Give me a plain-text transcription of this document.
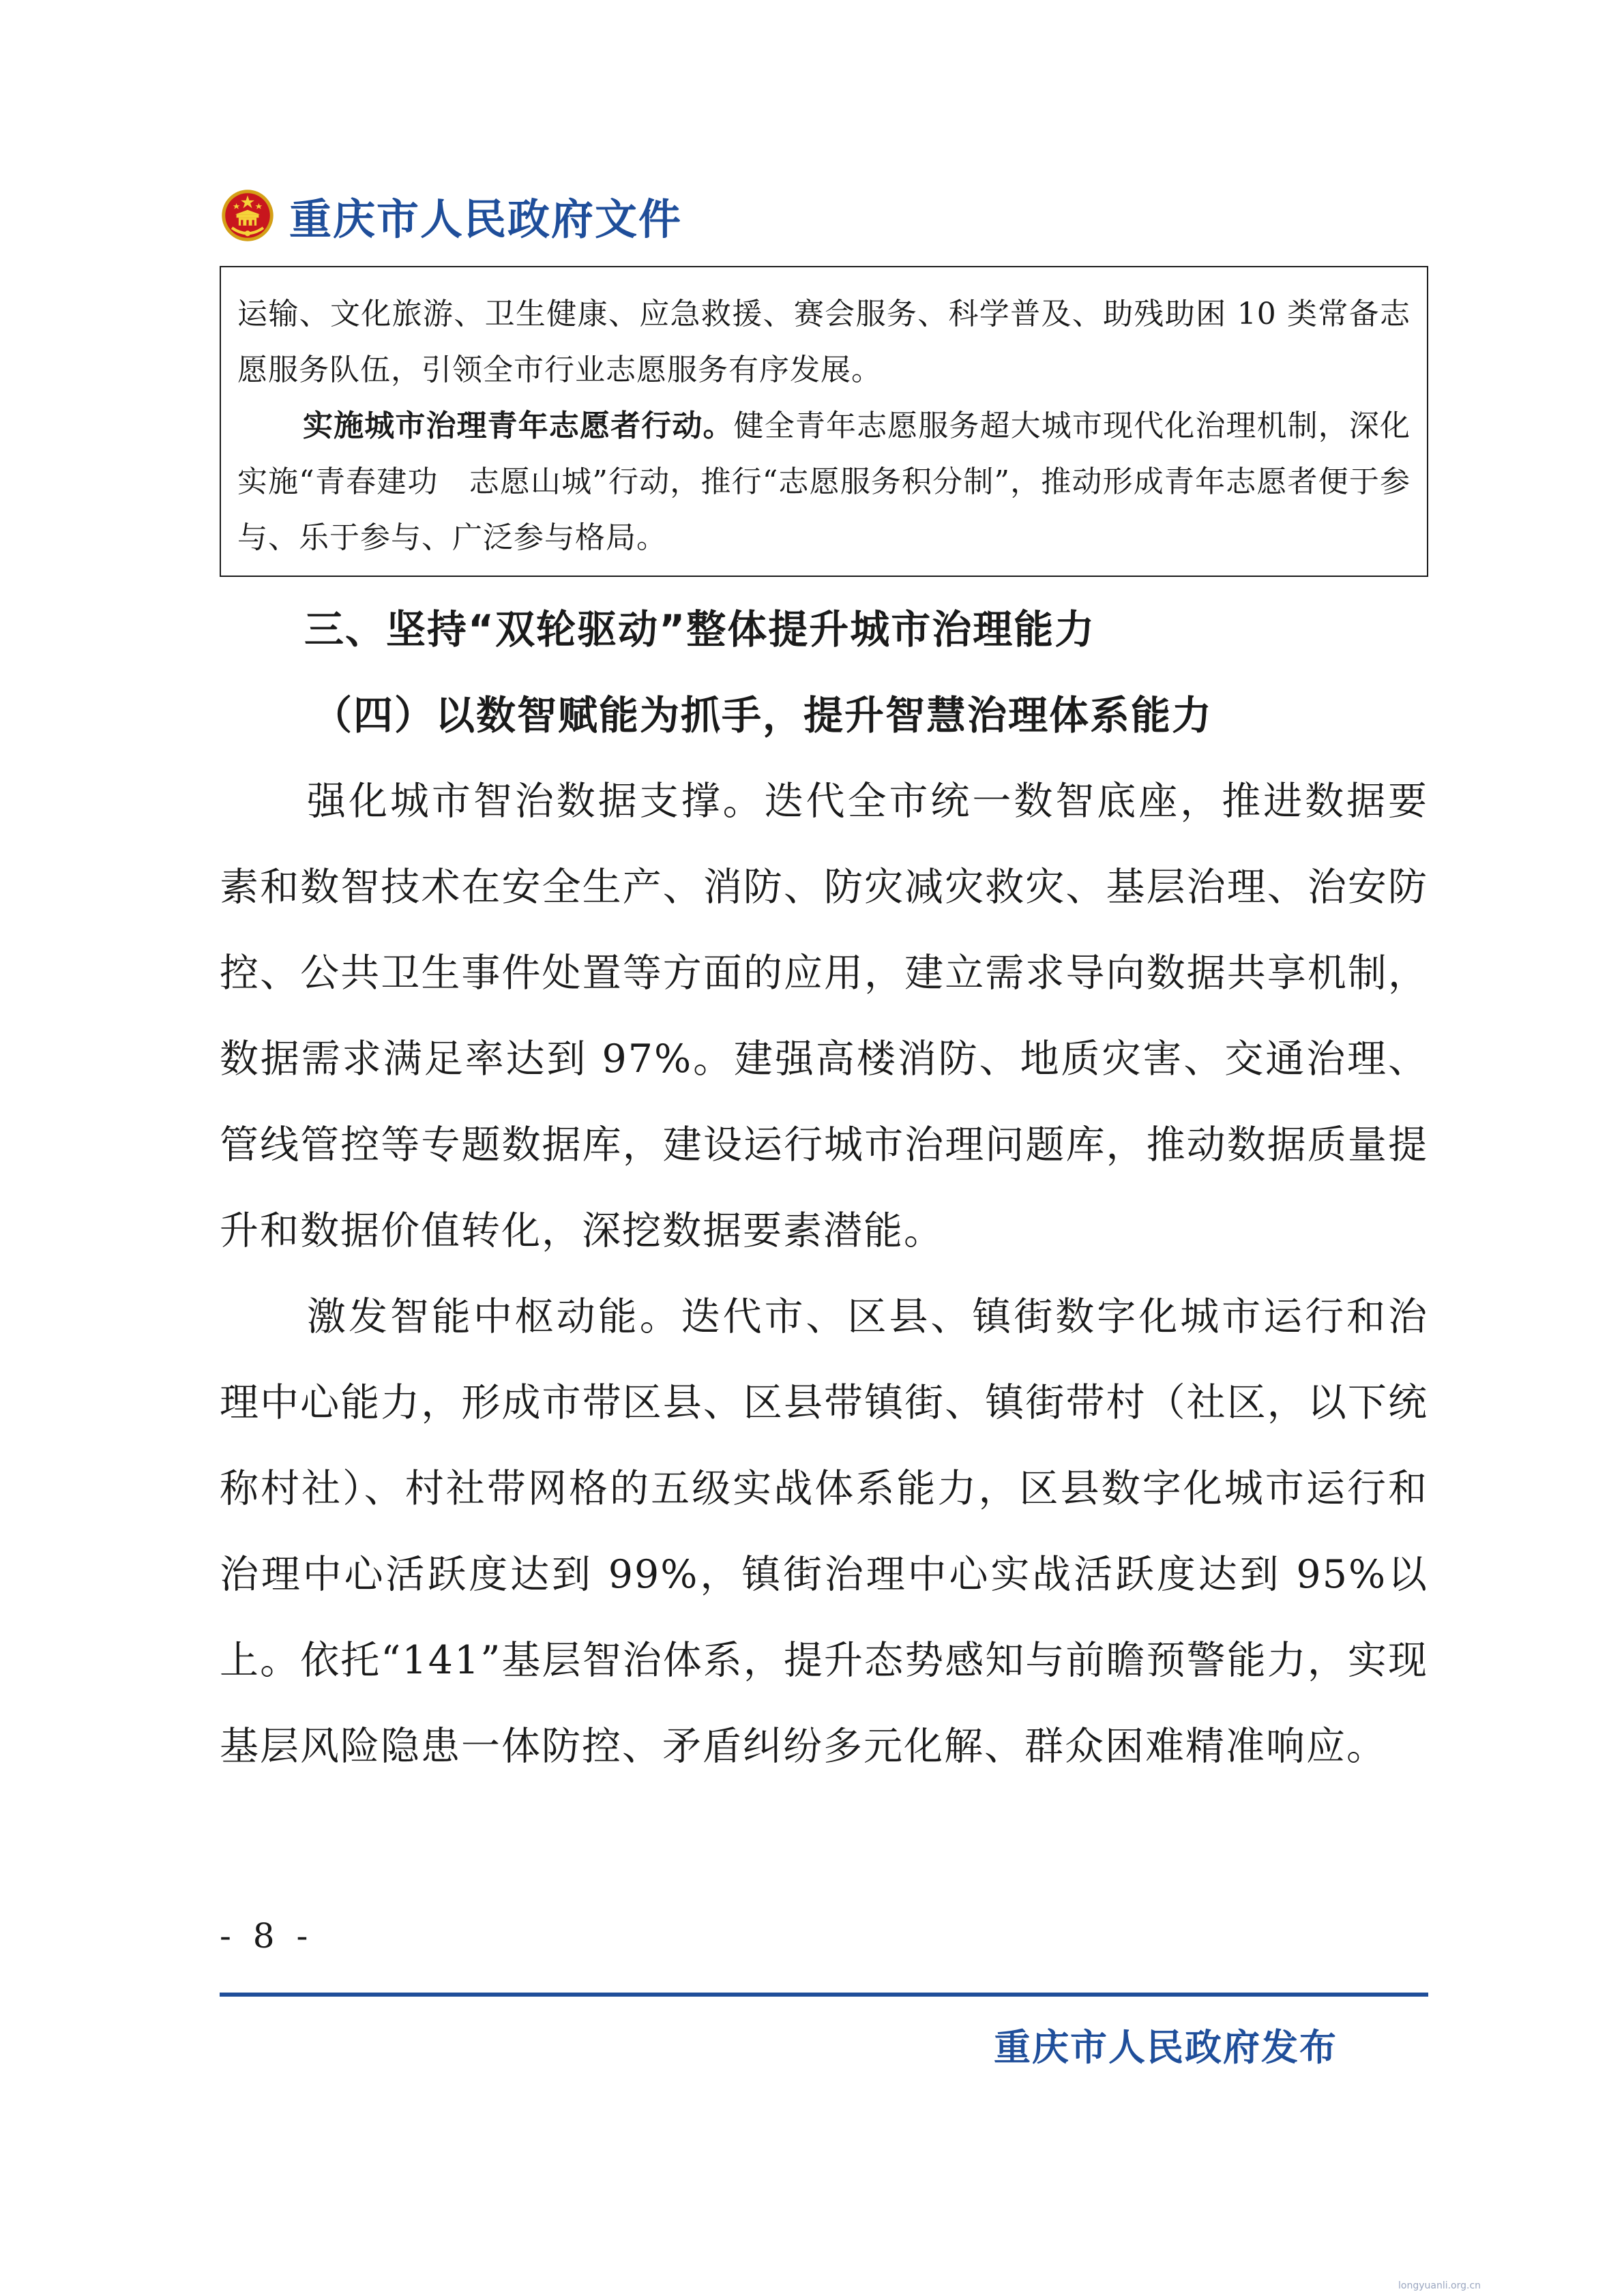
重庆市人民政府文件

运输、文化旅游、卫生健康、应急救援、赛会服务、科学普及、助残助困 10 类常备志愿服务队伍，引领全市行业志愿服务有序发展。

实施城市治理青年志愿者行动。健全青年志愿服务超大城市现代化治理机制，深化实施“青春建功　志愿山城”行动，推行“志愿服务积分制”，推动形成青年志愿者便于参与、乐于参与、广泛参与格局。

三、坚持“双轮驱动”整体提升城市治理能力
（四）以数智赋能为抓手，提升智慧治理体系能力

强化城市智治数据支撑。迭代全市统一数智底座，推进数据要素和数智技术在安全生产、消防、防灾减灾救灾、基层治理、治安防控、公共卫生事件处置等方面的应用，建立需求导向数据共享机制，数据需求满足率达到 97%。建强高楼消防、地质灾害、交通治理、管线管控等专题数据库，建设运行城市治理问题库，推动数据质量提升和数据价值转化，深挖数据要素潜能。

激发智能中枢动能。迭代市、区县、镇街数字化城市运行和治理中心能力，形成市带区县、区县带镇街、镇街带村（社区，以下统称村社）、村社带网格的五级实战体系能力，区县数字化城市运行和治理中心活跃度达到 99%，镇街治理中心实战活跃度达到 95%以上。依托“141”基层智治体系，提升态势感知与前瞻预警能力，实现基层风险隐患一体防控、矛盾纠纷多元化解、群众困难精准响应。

- 8 -

重庆市人民政府发布

longyuanli.org.cn
